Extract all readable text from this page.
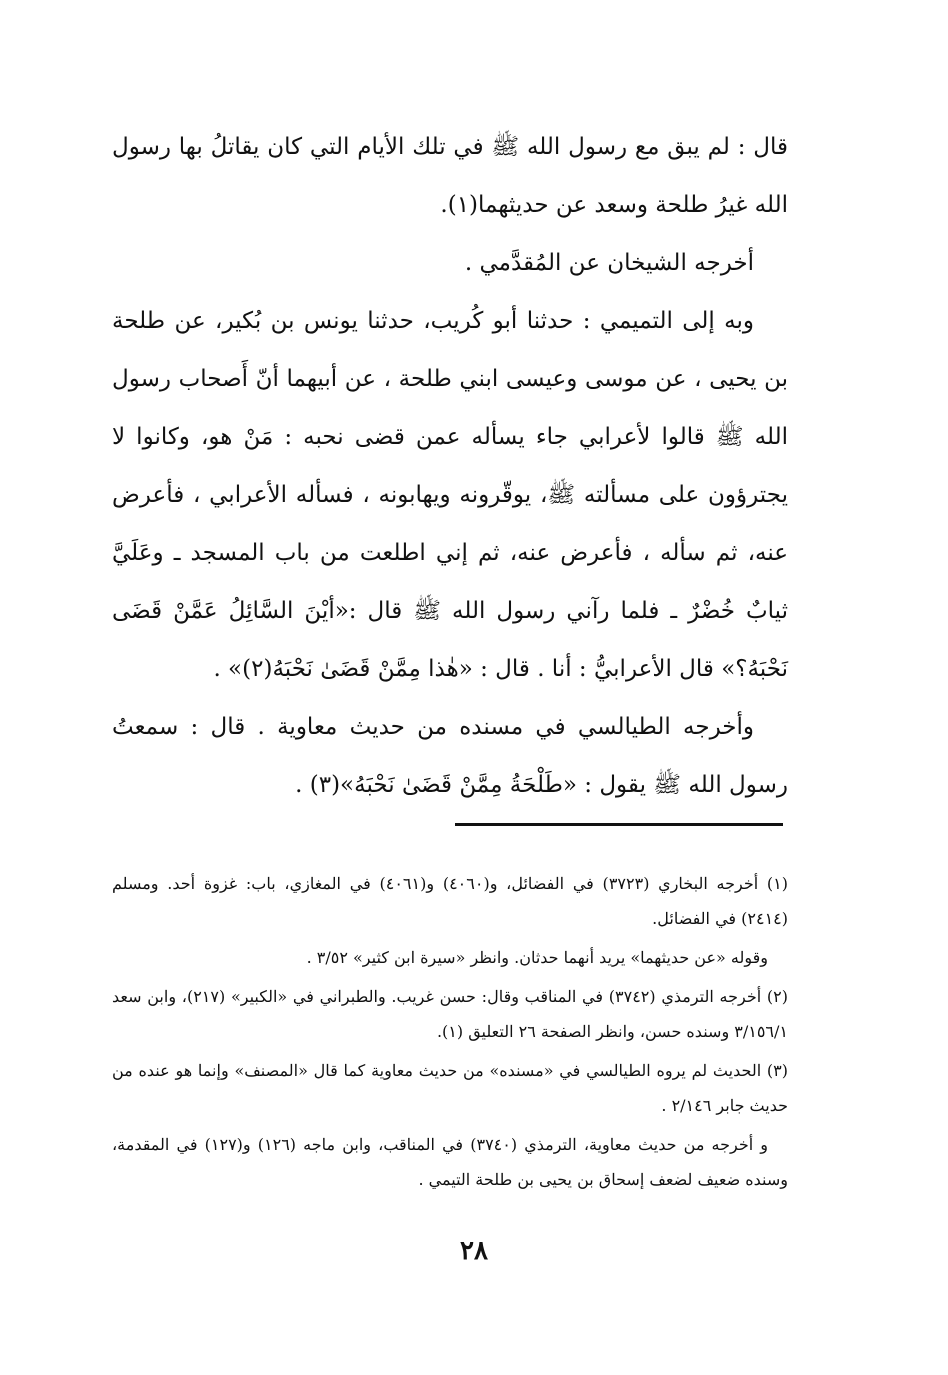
قال : لم يبق مع رسول الله ﷺ في تلك الأيام التي كان يقاتلُ بها رسول الله غيرُ طلحة وسعد عن حديثهما(١).

أخرجه الشيخان عن المُقدَّمي .

وبه إلى التميمي : حدثنا أبو كُريب، حدثنا يونس بن بُكير، عن طلحة بن يحيى ، عن موسى وعيسى ابني طلحة ، عن أبيهما أنّ أَصحاب رسول الله ﷺ قالوا لأعرابي جاء يسأله عمن قضى نحبه : مَنْ هو، وكانوا لا يجترؤون على مسألته ﷺ، يوقّرونه ويهابونه ، فسأله الأعرابي ، فأعرض عنه، ثم سأله ، فأعرض عنه، ثم إني اطلعت من باب المسجد ـ وعَلَيَّ ثيابٌ خُضْرٌ ـ فلما رآني رسول الله ﷺ قال :«أيْنَ السَّائِلُ عَمَّنْ قَضَى نَحْبَهُ؟» قال الأعرابيُّ : أنا . قال : «هٰذا مِمَّنْ قَضَىٰ نَحْبَهُ(٢)» .

وأخرجه الطيالسي في مسنده من حديث معاوية . قال : سمعتُ رسول الله ﷺ يقول : «طَلْحَةُ مِمَّنْ قَضَىٰ نَحْبَهُ»(٣) .

(١) أخرجه البخاري (٣٧٢٣) في الفضائل، و(٤٠٦٠) و(٤٠٦١) في المغازي، باب: غزوة أحد. ومسلم (٢٤١٤) في الفضائل.

وقوله «عن حديثهما» يريد أنهما حدثان. وانظر «سيرة ابن كثير» ٣/٥٢ .

(٢) أخرجه الترمذي (٣٧٤٢) في المناقب وقال: حسن غريب. والطبراني في «الكبير» (٢١٧)، وابن سعد ٣/١٥٦/١ وسنده حسن، وانظر الصفحة ٢٦ التعليق (١).

(٣) الحديث لم يروه الطيالسي في «مسنده» من حديث معاوية كما قال «المصنف» وإنما هو عنده من حديث جابر ٢/١٤٦ .

و أخرجه من حديث معاوية، الترمذي (٣٧٤٠) في المناقب، وابن ماجه (١٢٦) و(١٢٧) في المقدمة، وسنده ضعيف لضعف إسحاق بن يحيى بن طلحة التيمي .

٢٨
